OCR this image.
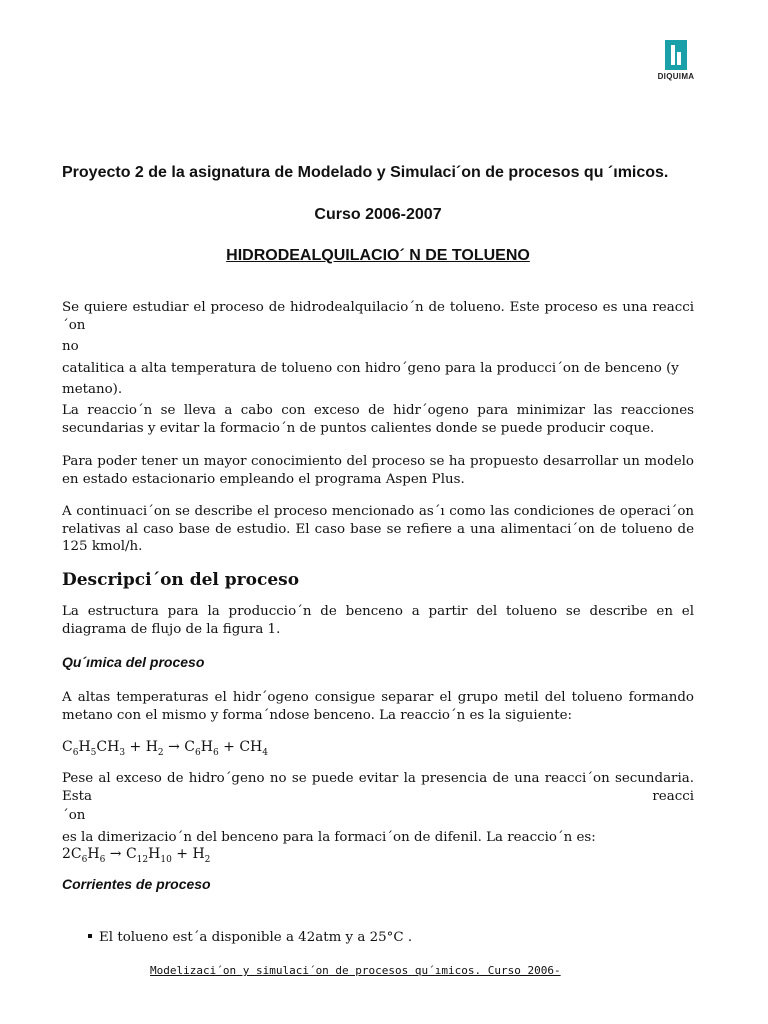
DIQUIMA
Proyecto 2 de la asignatura de Modelado y Simulaci´on de procesos qu ´ımicos.
Curso 2006-2007
HIDRODEALQUILACIO´ N DE TOLUENO
Se quiere estudiar el proceso de hidrodealquilacio´n de tolueno. Este proceso es una reacci´on
no
catalitica a alta temperatura de tolueno con hidro´geno para la producci´on de benceno (y
metano).
La reaccio´n se lleva a cabo con exceso de hidr´ogeno para minimizar las reacciones secundarias y evitar la formacio´n de puntos calientes donde se puede producir coque.
Para poder tener un mayor conocimiento del proceso se ha propuesto desarrollar un modelo en estado estacionario empleando el programa Aspen Plus.
A continuaci´on se describe el proceso mencionado as´ı como las condiciones de operaci´on relativas al caso base de estudio. El caso base se refiere a una alimentaci´on de tolueno de 125 kmol/h.
Descripci´on del proceso
La estructura para la produccio´n de benceno a partir del tolueno se describe en el diagrama de flujo de la figura 1.
Qu´ımica del proceso
A altas temperaturas el hidr´ogeno consigue separar el grupo metil del tolueno formando metano con el mismo y forma´ndose benceno. La reaccio´n es la siguiente:
$C_6H_5CH_3 + H_2 \to C_6H_6 + CH_4$
Pese al exceso de hidro´geno no se puede evitar la presencia de una reacci´on secundaria. Esta reacci
´on
es la dimerizacio´n del benceno para la formaci´on de difenil. La reaccio´n es:
$2C_6H_6 \to C_{12}H_{10} + H_2$
Corrientes de proceso
El tolueno est´a disponible a 42atm y a 25°C .
Modelizaci´on y simulaci´on de procesos qu´ımicos. Curso 2006-
